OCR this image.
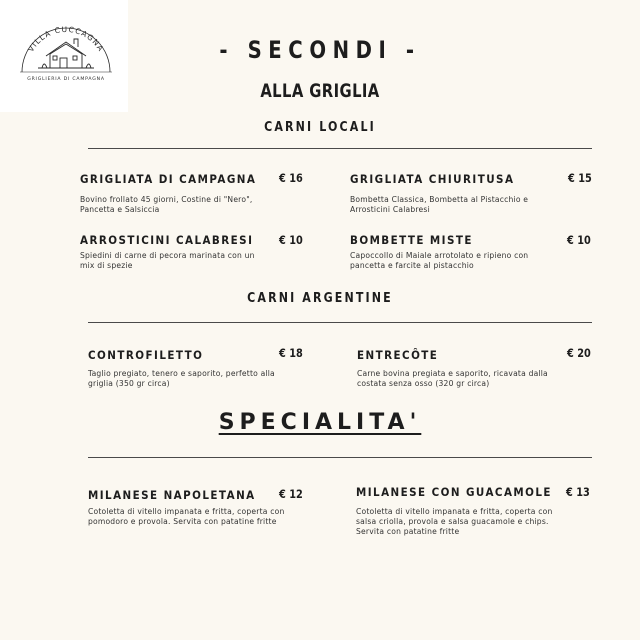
VILLA CUCCAGNA
GRIGLIERIA DI CAMPAGNA
- SECONDI -
ALLA GRIGLIA
CARNI LOCALI
GRIGLIATA DI CAMPAGNA € 16
Bovino frollato 45 giorni, Costine di "Nero", Pancetta e Salsiccia
GRIGLIATA CHIURITUSA	€ 15
Bombetta Classica, Bombetta al Pistacchio e Arrosticini Calabresi
ARROSTICINI CALABRESI € 10
Spiedini di carne di pecora marinata con un mix di spezie
BOMBETTE MISTE	€ 10
Capoccollo di Maiale arrotolato e ripieno con pancetta e farcite al pistacchio
CARNI ARGENTINE
CONTROFILETTO	€ 18
Taglio pregiato, tenero e saporito, perfetto alla griglia (350 gr circa)
ENTRECÔTE	€ 20
Carne bovina pregiata e saporito, ricavata dalla costata senza osso (320 gr circa)
SPECIALITA'
MILANESE NAPOLETANA € 12
Cotoletta di vitello impanata e fritta, coperta con pomodoro e provola. Servita con patatine fritte
MILANESE CON GUACAMOLE € 13
Cotoletta di vitello impanata e fritta, coperta con salsa criolla, provola e salsa guacamole e chips. Servita con patatine fritte
